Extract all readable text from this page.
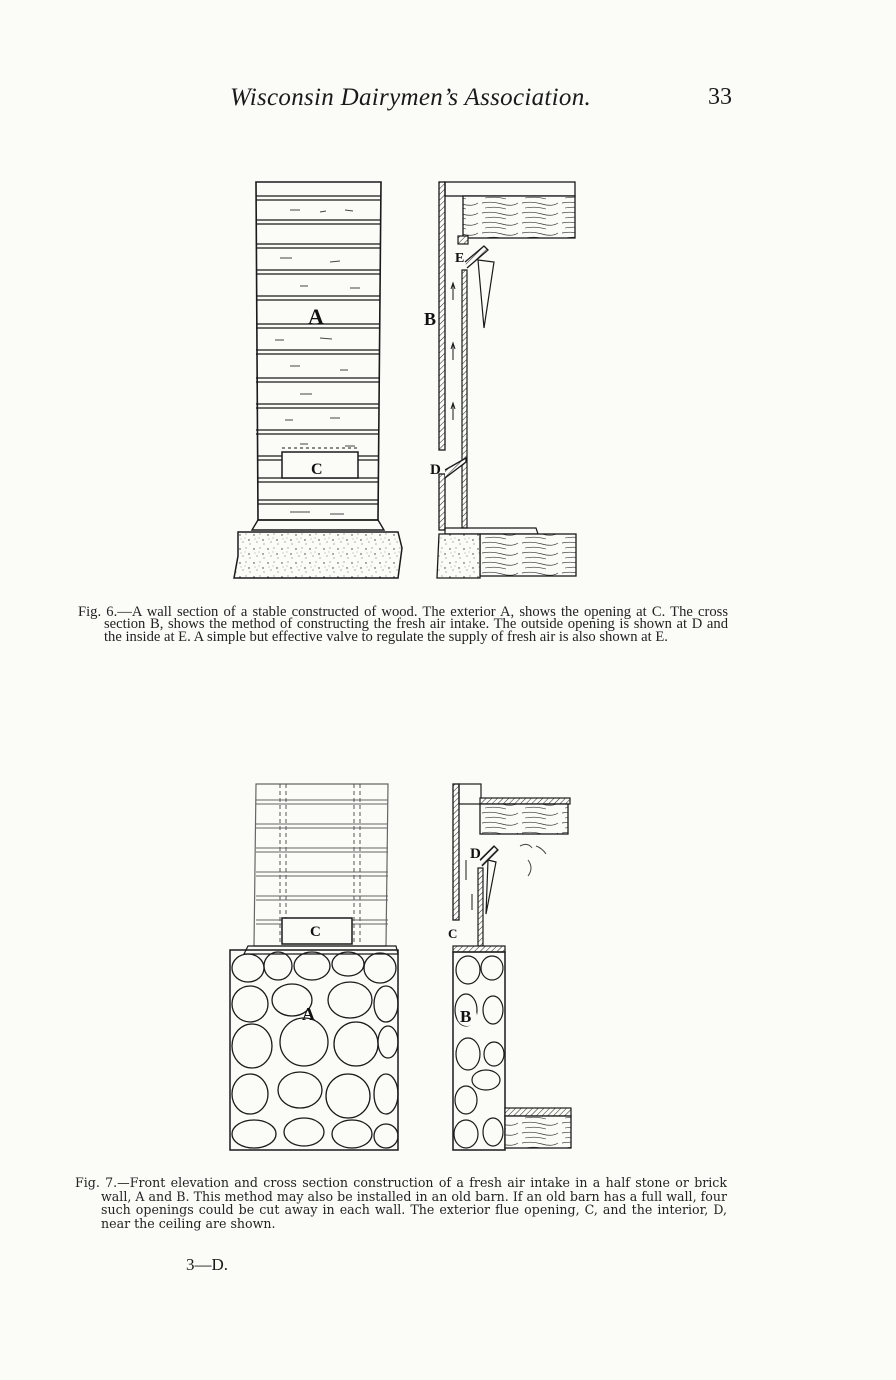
Wisconsin Dairymen’s Association.	33
A
C
B
E
D
C
A	B
D
C

Fig. 6.—A wall section of a stable constructed of wood. The exterior A, shows the opening at C. The cross section B, shows the method of constructing the fresh air intake. The outside opening is shown at D and the inside at E. A simple but effective valve to regulate the supply of fresh air is also shown at E.

Fig. 7.—Front elevation and cross section construction of a fresh air intake in a half stone or brick wall, A and B. This method may also be installed in an old barn. If an old barn has a full wall, four such openings could be cut away in each wall. The exterior flue opening, C, and the interior, D, near the ceiling are shown.

3—D.
